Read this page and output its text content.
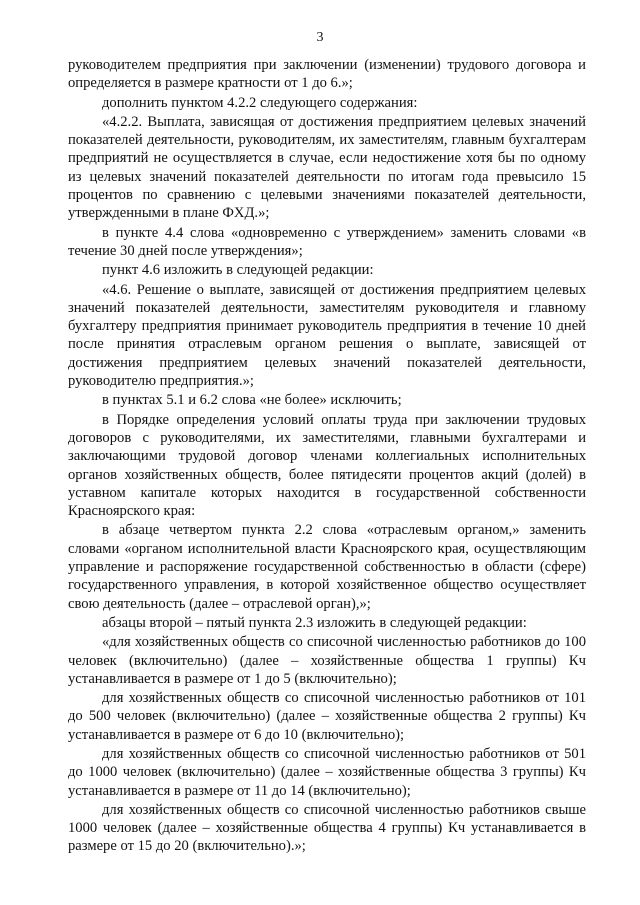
3

руководителем предприятия при заключении (изменении) трудового договора и определяется в размере кратности от 1 до 6.»;

дополнить пунктом 4.2.2 следующего содержания:

«4.2.2. Выплата, зависящая от достижения предприятием целевых значений показателей деятельности, руководителям, их заместителям, главным бухгалтерам предприятий не осуществляется в случае, если недостижение хотя бы по одному из целевых значений показателей деятельности по итогам года превысило 15 процентов по сравнению с целевыми значениями показателей деятельности, утвержденными в плане ФХД.»;

в пункте 4.4 слова «одновременно с утверждением» заменить словами «в течение 30 дней после утверждения»;

пункт 4.6 изложить в следующей редакции:

«4.6. Решение о выплате, зависящей от достижения предприятием целевых значений показателей деятельности, заместителям руководителя и главному бухгалтеру предприятия принимает руководитель предприятия в течение 10 дней после принятия отраслевым органом решения о выплате, зависящей от достижения предприятием целевых значений показателей деятельности, руководителю предприятия.»;

в пунктах 5.1 и 6.2 слова «не более» исключить;

в Порядке определения условий оплаты труда при заключении трудовых договоров с руководителями, их заместителями, главными бухгалтерами и заключающими трудовой договор членами коллегиальных исполнительных органов хозяйственных обществ, более пятидесяти процентов акций (долей) в уставном капитале которых находится в государственной собственности Красноярского края:

в абзаце четвертом пункта 2.2 слова «отраслевым органом,» заменить словами «органом исполнительной власти Красноярского края, осуществляющим управление и распоряжение государственной собственностью в области (сфере) государственного управления, в которой хозяйственное общество осуществляет свою деятельность (далее – отраслевой орган),»;

абзацы второй – пятый пункта 2.3 изложить в следующей редакции:

«для хозяйственных обществ со списочной численностью работников до 100 человек (включительно) (далее – хозяйственные общества 1 группы) Кч устанавливается в размере от 1 до 5 (включительно);

для хозяйственных обществ со списочной численностью работников от 101 до 500 человек (включительно) (далее – хозяйственные общества 2 группы) Кч устанавливается в размере от 6 до 10 (включительно);

для хозяйственных обществ со списочной численностью работников от 501 до 1000 человек (включительно) (далее – хозяйственные общества 3 группы) Кч устанавливается в размере от 11 до 14 (включительно);

для хозяйственных обществ со списочной численностью работников свыше 1000 человек (далее – хозяйственные общества 4 группы) Кч устанавливается в размере от 15 до 20 (включительно).»;
